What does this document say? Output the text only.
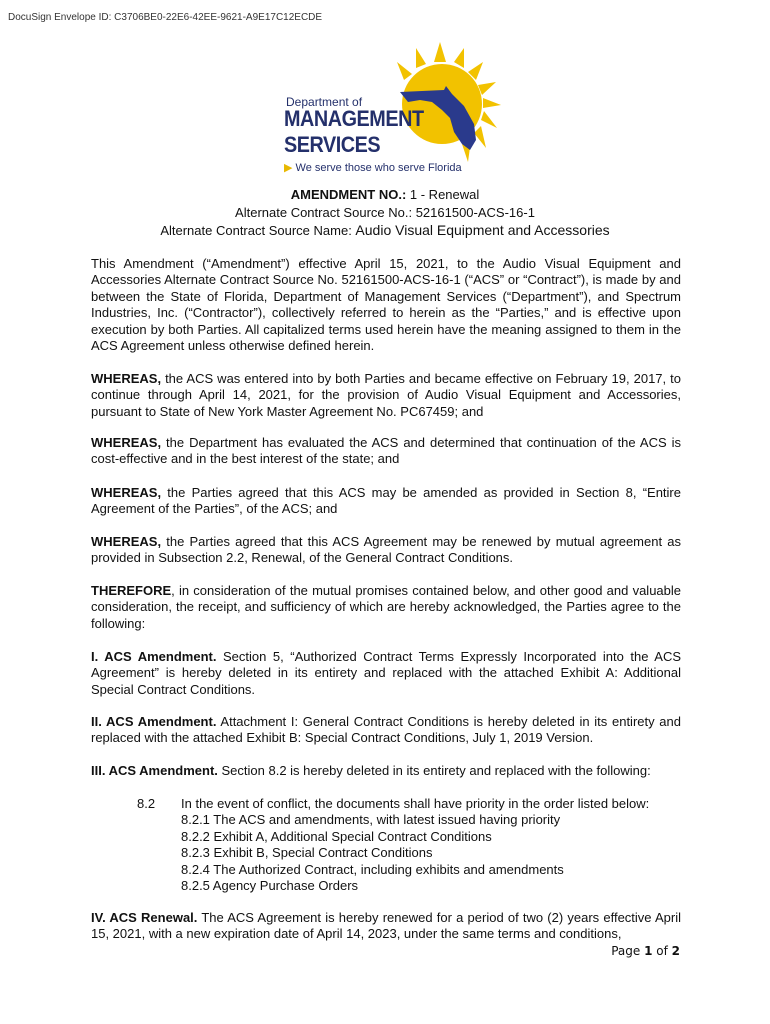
DocuSign Envelope ID: C3706BE0-22E6-42EE-9621-A9E17C12ECDE
Department of
MANAGEMENT
SERVICES
▶ We serve those who serve Florida
AMENDMENT NO.: 1 - Renewal
Alternate Contract Source No.: 52161500-ACS-16-1
Alternate Contract Source Name: Audio Visual Equipment and Accessories
This Amendment (“Amendment”) effective April 15, 2021, to the Audio Visual Equipment and Accessories Alternate Contract Source No. 52161500-ACS-16-1 (“ACS” or “Contract”), is made by and between the State of Florida, Department of Management Services (“Department”), and Spectrum Industries, Inc. (“Contractor”), collectively referred to herein as the “Parties,” and is effective upon execution by both Parties. All capitalized terms used herein have the meaning assigned to them in the ACS Agreement unless otherwise defined herein.
WHEREAS, the ACS was entered into by both Parties and became effective on February 19, 2017, to continue through April 14, 2021, for the provision of Audio Visual Equipment and Accessories, pursuant to State of New York Master Agreement No. PC67459; and
WHEREAS, the Department has evaluated the ACS and determined that continuation of the ACS is cost-effective and in the best interest of the state; and
WHEREAS, the Parties agreed that this ACS may be amended as provided in Section 8, “Entire Agreement of the Parties”, of the ACS; and
WHEREAS, the Parties agreed that this ACS Agreement may be renewed by mutual agreement as provided in Subsection 2.2, Renewal, of the General Contract Conditions.
THEREFORE, in consideration of the mutual promises contained below, and other good and valuable consideration, the receipt, and sufficiency of which are hereby acknowledged, the Parties agree to the following:
I. ACS Amendment. Section 5, “Authorized Contract Terms Expressly Incorporated into the ACS Agreement” is hereby deleted in its entirety and replaced with the attached Exhibit A: Additional Special Contract Conditions.
II. ACS Amendment. Attachment I: General Contract Conditions is hereby deleted in its entirety and replaced with the attached Exhibit B: Special Contract Conditions, July 1, 2019 Version.
III. ACS Amendment. Section 8.2 is hereby deleted in its entirety and replaced with the following:
8.2 In the event of conflict, the documents shall have priority in the order listed below:
8.2.1 The ACS and amendments, with latest issued having priority
8.2.2 Exhibit A, Additional Special Contract Conditions
8.2.3 Exhibit B, Special Contract Conditions
8.2.4 The Authorized Contract, including exhibits and amendments
8.2.5 Agency Purchase Orders
IV. ACS Renewal. The ACS Agreement is hereby renewed for a period of two (2) years effective April 15, 2021, with a new expiration date of April 14, 2023, under the same terms and conditions,
Page 1 of 2
